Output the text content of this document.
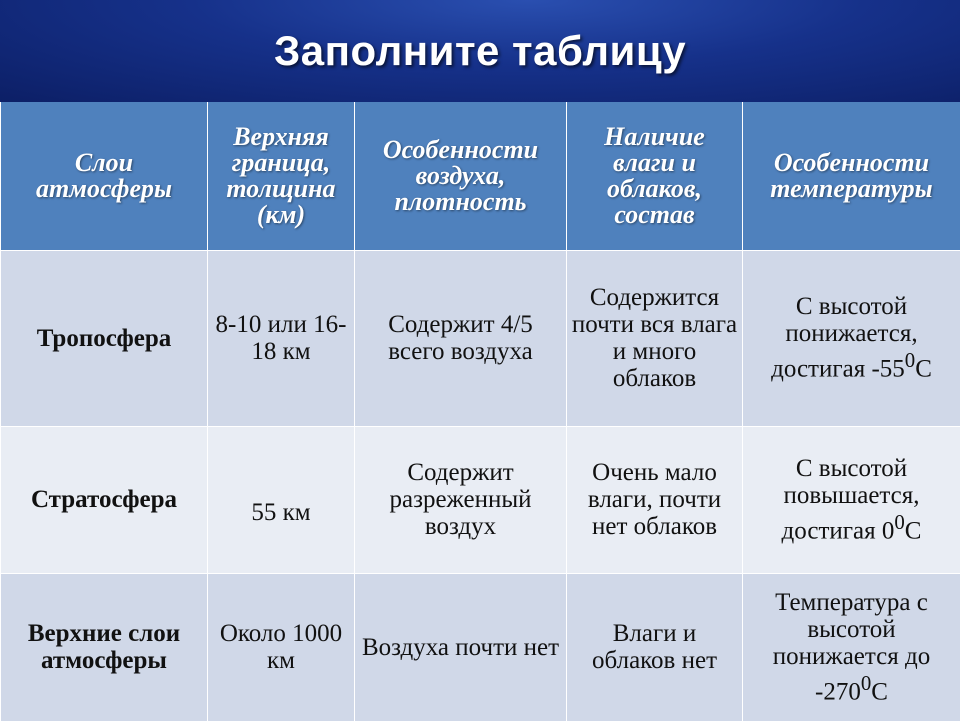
Заполните таблицу
Слои атмосферы	Верхняя граница, толщина (км)	Особенности воздуха, плотность	Наличие влаги и облаков, состав	Особенности температуры
Тропосфера	8-10 или 16-18 км	Содержит 4/5 всего воздуха	Содержится почти вся влага и много облаков	С высотой понижается, достигая $-55^0С$
Стратосфера	55 км	Содержит разреженный воздух	Очень мало влаги, почти нет облаков	С высотой повышается, достигая $0^0С$
Верхние слои атмосферы	Около 1000 км	Воздуха почти нет	Влаги и облаков нет	Температура с высотой понижается до $-270^0С$
